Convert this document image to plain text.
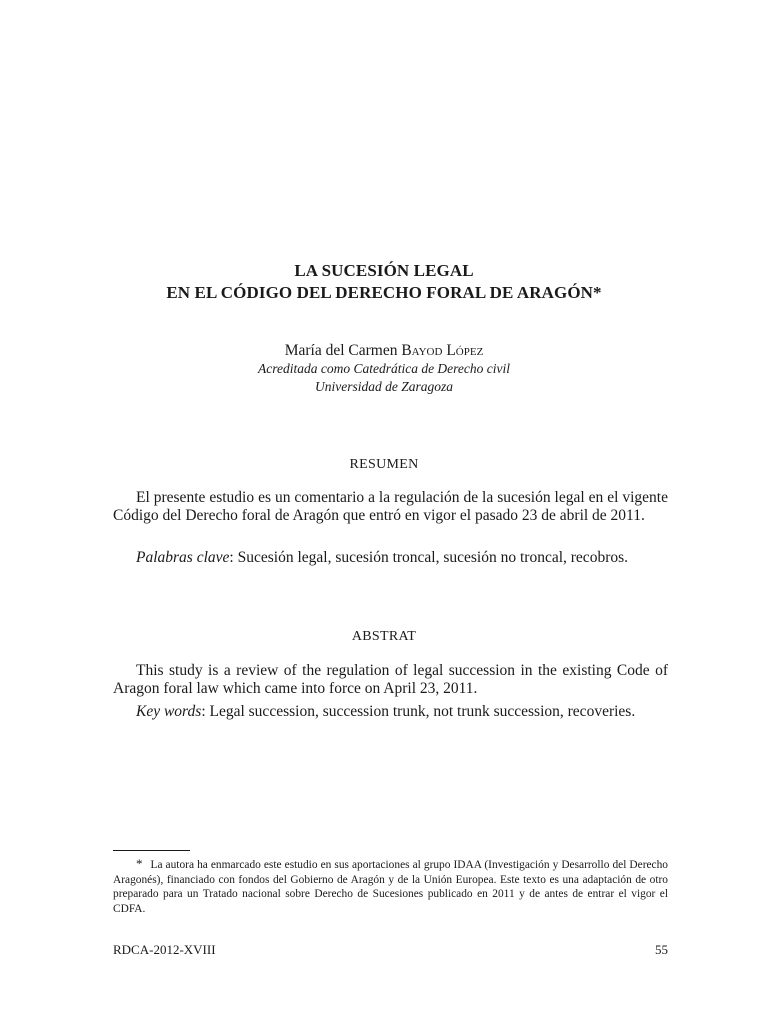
LA SUCESIÓN LEGAL
EN EL CÓDIGO DEL DERECHO FORAL DE ARAGÓN*
María del Carmen Bayod López
Acreditada como Catedrática de Derecho civil
Universidad de Zaragoza
RESUMEN
El presente estudio es un comentario a la regulación de la sucesión legal en el vigente Código del Derecho foral de Aragón que entró en vigor el pasado 23 de abril de 2011.
Palabras clave: Sucesión legal, sucesión troncal, sucesión no troncal, recobros.
ABSTRAT
This study is a review of the regulation of legal succession in the existing Code of Aragon foral law which came into force on April 23, 2011.
Key words: Legal succession, succession trunk, not trunk succession, recoveries.
* La autora ha enmarcado este estudio en sus aportaciones al grupo IDAA (Investigación y Desarrollo del Derecho Aragonés), financiado con fondos del Gobierno de Aragón y de la Unión Europea. Este texto es una adaptación de otro preparado para un Tratado nacional sobre Derecho de Sucesiones publicado en 2011 y de antes de entrar el vigor el CDFA.
RDCA-2012-XVIII	55
